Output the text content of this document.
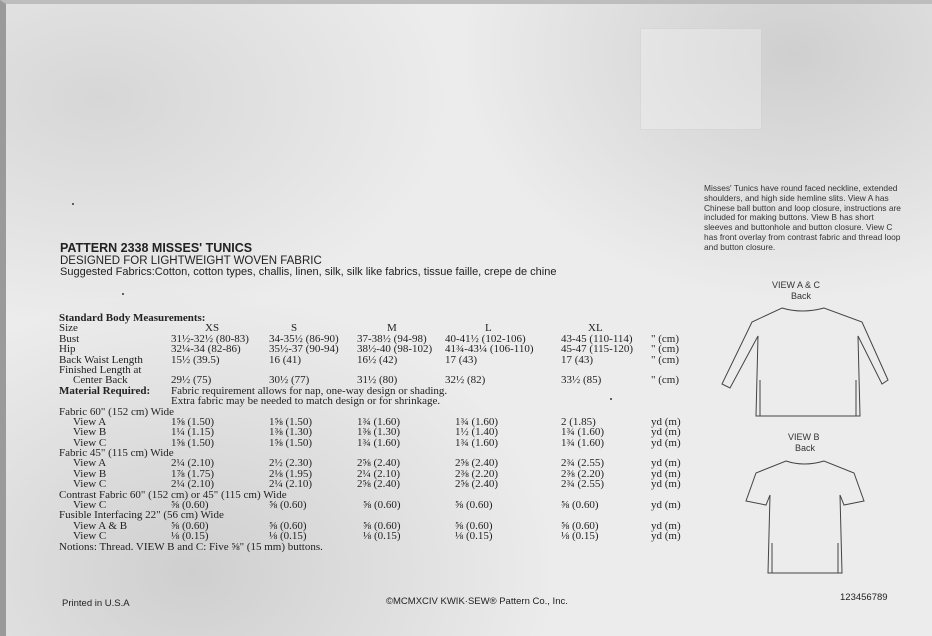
PATTERN 2338 MISSES' TUNICS
DESIGNED FOR LIGHTWEIGHT WOVEN FABRIC
Suggested Fabrics:Cotton, cotton types, challis, linen, silk, silk like fabrics, tissue faille, crepe de chine
Misses' Tunics have round faced neckline, extended shoulders, and high side hemline slits. View A has Chinese ball button and loop closure, instructions are included for making buttons. View B has short sleeves and buttonhole and button closure. View C has front overlay from contrast fabric and thread loop and button closure.
VIEW A & C
Back
VIEW B
Back
Standard Body Measurements:
Size	XS	S	M	L	XL
Bust	31½-32½ (80-83) 34-35½ (86-90) 37-38½ (94-98) 40-41½ (102-106)	43-45 (110-114) " (cm)
Hip	32¼-34 (82-86)	35½-37 (90-94) 38½-40 (98-102) 41¾-43¼ (106-110)	45-47 (115-120) " (cm)
Back Waist Length	15½ (39.5)	16 (41)	16½ (42)	17 (43)	17 (43)	" (cm)
Finished Length at
Center Back	29½ (75)	30½ (77)	31½ (80)	32½ (82)	33½ (85)	" (cm)
Material Required: Fabric requirement allows for nap, one-way design or shading.
Extra fabric may be needed to match design or for shrinkage.
Fabric 60" (152 cm) Wide
View A	1⅝ (1.50)	1⅝ (1.50)	1¾ (1.60)	1¾ (1.60)	2 (1.85)	yd (m)
View B	1¼ (1.15)	1⅜ (1.30)	1⅜ (1.30)	1½ (1.40)	1¾ (1.60)	yd (m)
View C	1⅝ (1.50)	1⅝ (1.50)	1¾ (1.60)	1¾ (1.60)	1¾ (1.60)	yd (m)
Fabric 45" (115 cm) Wide
View A	2¼ (2.10)	2½ (2.30)	2⅝ (2.40)	2⅝ (2.40)	2¾ (2.55)	yd (m)
View B	1⅞ (1.75)	2⅛ (1.95)	2¼ (2.10)	2⅜ (2.20)	2⅜ (2.20)	yd (m)
View C	2¼ (2.10)	2¼ (2.10)	2⅝ (2.40)	2⅝ (2.40)	2¾ (2.55)	yd (m)
Contrast Fabric 60" (152 cm) or 45" (115 cm) Wide
View C	⅝ (0.60)	⅝ (0.60)	⅝ (0.60)	⅝ (0.60)	⅝ (0.60)	yd (m)
Fusible Interfacing 22" (56 cm) Wide
View A & B	⅝ (0.60)	⅝ (0.60)	⅝ (0.60)	⅝ (0.60)	⅝ (0.60)	yd (m)
View C	⅛ (0.15)	⅛ (0.15)	⅛ (0.15)	⅛ (0.15)	⅛ (0.15)	yd (m)
Notions: Thread. VIEW B and C: Five ⅝" (15 mm) buttons.
Printed in U.S.A	©MCMXCIV KWIK·SEW® Pattern Co., Inc.	123456789
